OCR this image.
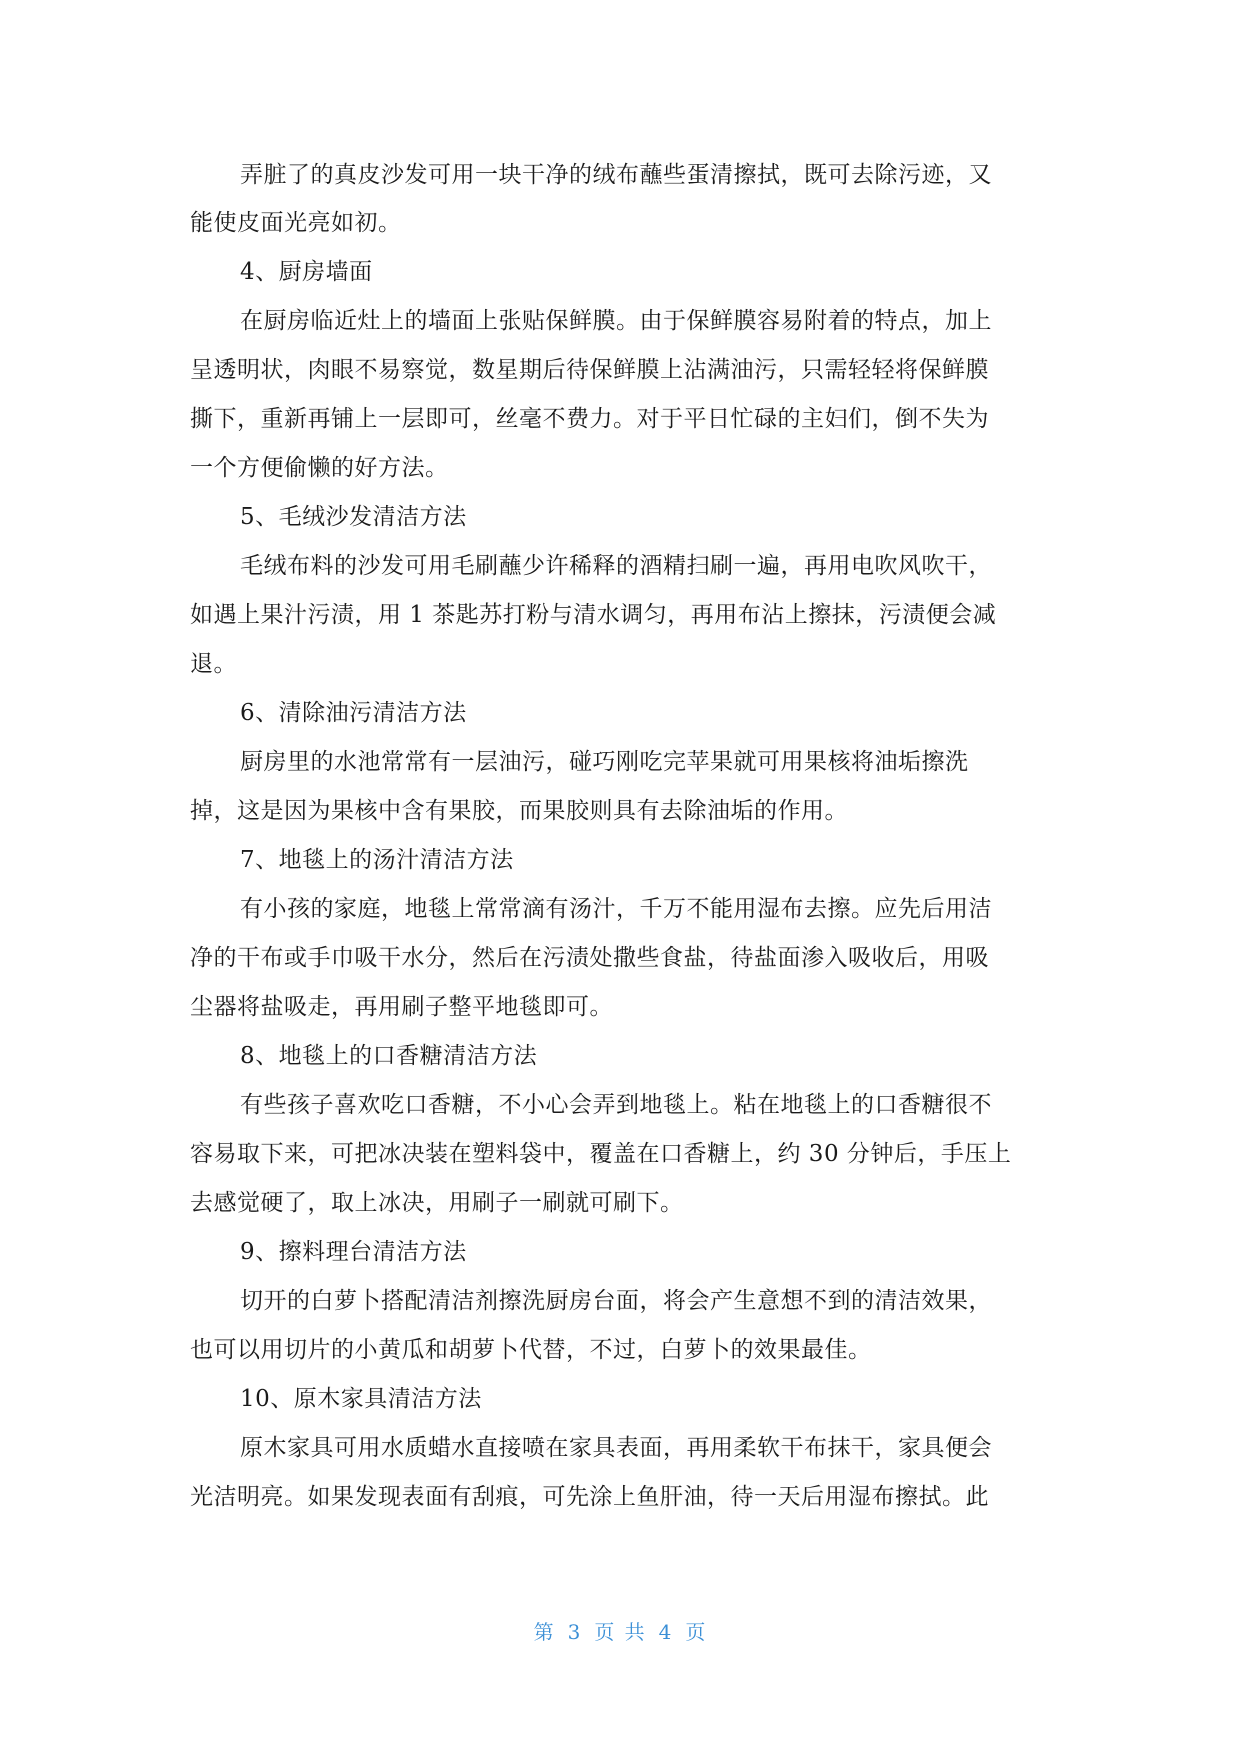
弄脏了的真皮沙发可用一块干净的绒布蘸些蛋清擦拭，既可去除污迹，又
能使皮面光亮如初。
4、厨房墙面
在厨房临近灶上的墙面上张贴保鲜膜。由于保鲜膜容易附着的特点，加上
呈透明状，肉眼不易察觉，数星期后待保鲜膜上沾满油污，只需轻轻将保鲜膜
撕下，重新再铺上一层即可，丝毫不费力。对于平日忙碌的主妇们，倒不失为
一个方便偷懒的好方法。
5、毛绒沙发清洁方法
毛绒布料的沙发可用毛刷蘸少许稀释的酒精扫刷一遍，再用电吹风吹干，
如遇上果汁污渍，用 1 茶匙苏打粉与清水调匀，再用布沾上擦抹，污渍便会减
退。
6、清除油污清洁方法
厨房里的水池常常有一层油污，碰巧刚吃完苹果就可用果核将油垢擦洗
掉，这是因为果核中含有果胶，而果胶则具有去除油垢的作用。
7、地毯上的汤汁清洁方法
有小孩的家庭，地毯上常常滴有汤汁，千万不能用湿布去擦。应先后用洁
净的干布或手巾吸干水分，然后在污渍处撒些食盐，待盐面渗入吸收后，用吸
尘器将盐吸走，再用刷子整平地毯即可。
8、地毯上的口香糖清洁方法
有些孩子喜欢吃口香糖，不小心会弄到地毯上。粘在地毯上的口香糖很不
容易取下来，可把冰决装在塑料袋中，覆盖在口香糖上，约 30 分钟后，手压上
去感觉硬了，取上冰决，用刷子一刷就可刷下。
9、擦料理台清洁方法
切开的白萝卜搭配清洁剂擦洗厨房台面，将会产生意想不到的清洁效果，
也可以用切片的小黄瓜和胡萝卜代替，不过，白萝卜的效果最佳。
10、原木家具清洁方法
原木家具可用水质蜡水直接喷在家具表面，再用柔软干布抹干，家具便会
光洁明亮。如果发现表面有刮痕，可先涂上鱼肝油，待一天后用湿布擦拭。此
第 3 页 共 4 页
